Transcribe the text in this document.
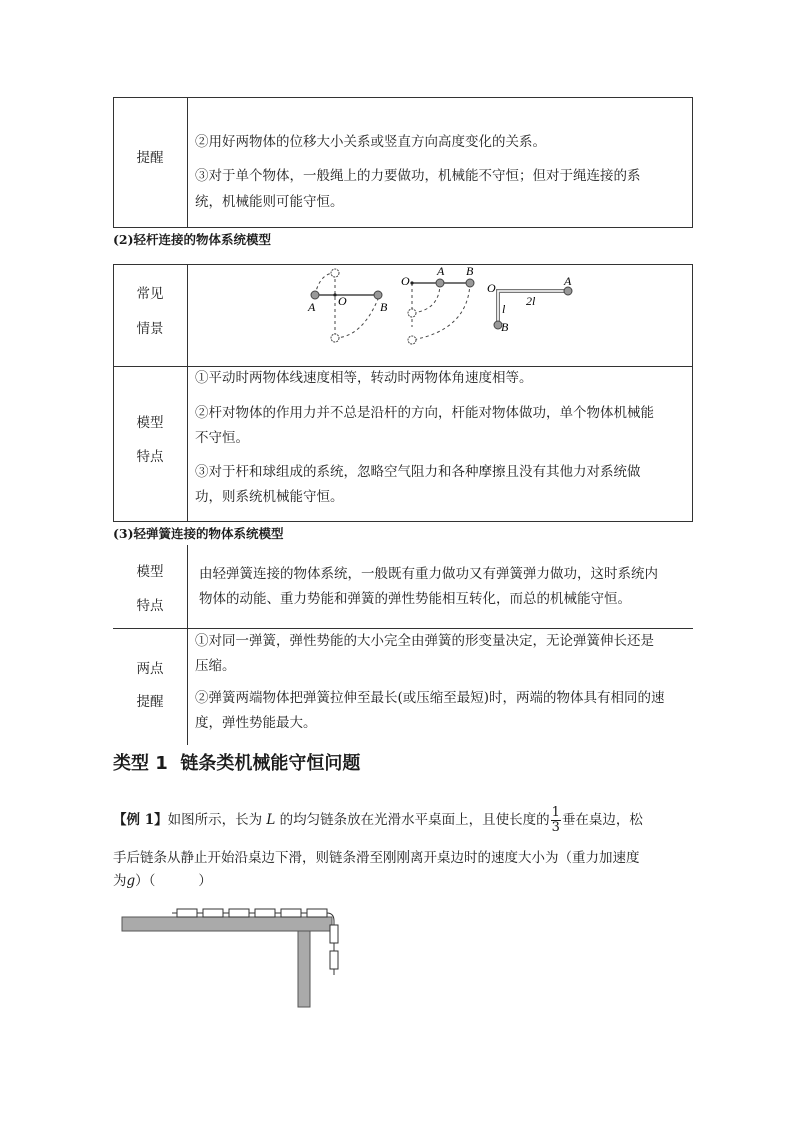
提醒
②用好两物体的位移大小关系或竖直方向高度变化的关系。
③对于单个物体，一般绳上的力要做功，机械能不守恒；但对于绳连接的系
统，机械能则可能守恒。
(2)轻杆连接的物体系统模型
常见
情景
A O	B
O
A B
O	A
l
B
2l
模型
特点
①平动时两物体线速度相等，转动时两物体角速度相等。
②杆对物体的作用力并不总是沿杆的方向，杆能对物体做功，单个物体机械能
不守恒。
③对于杆和球组成的系统，忽略空气阻力和各种摩擦且没有其他力对系统做
功，则系统机械能守恒。
(3)轻弹簧连接的物体系统模型
模型
特点
由轻弹簧连接的物体系统，一般既有重力做功又有弹簧弹力做功，这时系统内
物体的动能、重力势能和弹簧的弹性势能相互转化，而总的机械能守恒。
两点
提醒
①对同一弹簧，弹性势能的大小完全由弹簧的形变量决定，无论弹簧伸长还是
压缩。
②弹簧两端物体把弹簧拉伸至最长(或压缩至最短)时，两端的物体具有相同的速
度，弹性势能最大。
类型 1  链条类机械能守恒问题
【例 1】如图所示，长为 L 的均匀链条放在光滑水平桌面上，且使长度的 $\frac{1}{3}$ 垂在桌边，松
手后链条从静止开始沿桌边下滑，则链条滑至刚刚离开桌边时的速度大小为（重力加速度
为g）（          ）
